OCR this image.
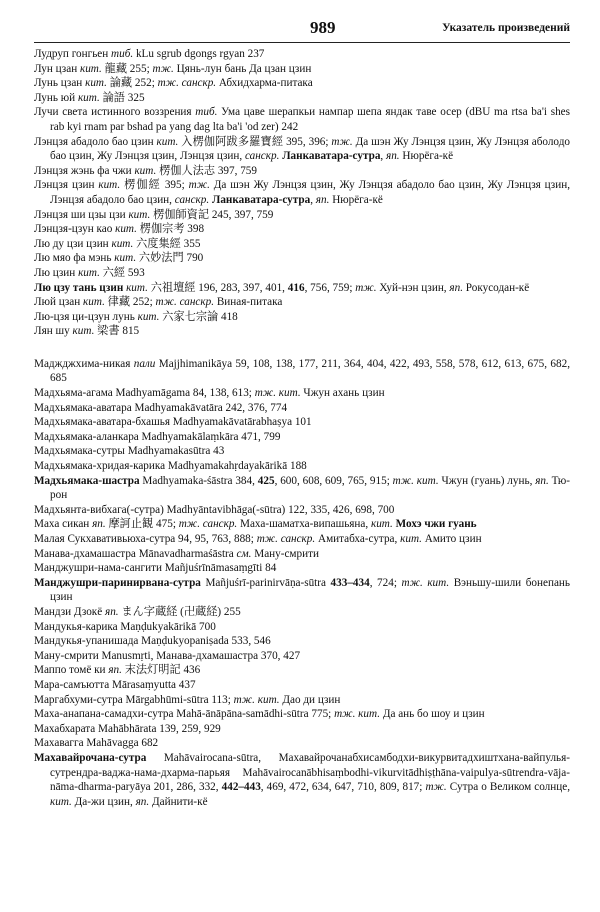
989	Указатель произведений
Лудруп гонгьен тиб. kLu sgrub dgongs rgyan 237
Лун цзан кит. 龍藏 255; тж. Цянь-лун бань Да цзан цзин
Лунь цзан кит. 論藏 252; тж. санскр. Абхидхарма-питака
Лунь юй кит. 論語 325
Лучи света истинного воззрения тиб. Ума цаве шерапкьи нампар шепа яндак таве осер (dBU ma rtsa ba'i shes rab kyi rnam par bshad pa yang dag lta ba'i 'od zer) 242
Лэнцзя абадоло бао цзин кит. 入楞伽阿跋多羅寶經 395, 396; тж. Да шэн Жу Лэнцзя цзин, Жу Лэнцзя аболодо бао цзин, Жу Лэнцзя цзин, Лэнцзя цзин, санскр. Ланкаватара-сутра, яп. Нюрёга-кё
Лэнцзя жэнь фа чжи кит. 楞伽人法志 397, 759
Лэнцзя цзин кит. 楞伽經 395; тж. Да шэн Жу Лэнцзя цзин, Жу Лэнцзя абадоло бао цзин, Жу Лэнцзя цзин, Лэнцзя абадоло бао цзин, санскр. Ланкаватара-сутра, яп. Нюрёга-кё
Лэнцзя ши цзы цзи кит. 楞伽師資記 245, 397, 759
Лэнцзя-цзун као кит. 楞伽宗考 398
Лю ду цзи цзин кит. 六度集經 355
Лю мяо фа мэнь кит. 六妙法門 790
Лю цзин кит. 六經 593
Лю цзу тань цзин кит. 六祖壇經 196, 283, 397, 401, 416, 756, 759; тж. Хуй-нэн цзин, яп. Рокусодан-кё
Люй цзан кит. 律藏 252; тж. санскр. Виная-питака
Лю-цзя ци-цзун лунь кит. 六家七宗論 418
Лян шу кит. 梁書 815
Маджджхима-никая пали Majjhimanikāya 59, 108, 138, 177, 211, 364, 404, 422, 493, 558, 578, 612, 613, 675, 682, 685
Мадхьямa-агама Madhyamāgama 84, 138, 613; тж. кит. Чжун ахань цзин
Мадхьямака-аватара Madhyamakāvatāra 242, 376, 774
Мадхьямака-аватара-бхашья Madhyamakāvatārabhaṣya 101
Мадхьямака-аланкара Madhyamakālaṃkāra 471, 799
Мадхьямака-сутры Madhyamakasūtra 43
Мадхьямака-хридая-карика Madhyamakahṛdayakārikā 188
Мадхьямака-шастра Madhyamaka-śāstra 384, 425, 600, 608, 609, 765, 915; тж. кит. Чжун (гуань) лунь, яп. Тю-рон
Мадхьянта-вибхага(-сутра) Madhyāntavibhāga(-sūtra) 122, 335, 426, 698, 700
Маха сикан яп. 摩訶止観 475; тж. санскр. Маха-шаматха-випашьяна, кит. Мохэ чжи гуань
Малая Сукхавативьюха-сутра 94, 95, 763, 888; тж. санскр. Амитабха-сутра, кит. Амито цзин
Манава-дхамашастра Mānavadharmaśāstra см. Ману-смрити
Манджушри-нама-сангити Mañjuśrīnāmasaṃgīti 84
Манджушри-паринирвана-сутра Mañjuśrī-parinirvāṇa-sūtra 433–434, 724; тж. кит. Вэньшу-шили бонепань цзин
Мандзи Дзокё яп. まん字蔵経 (卍蔵経) 255
Мандукья-карика Maṇḍukyakārikā 700
Мандукья-упанишада Maṇḍukyopaniṣada 533, 546
Ману-смрити Manusmṛti, Манава-дхамашастра 370, 427
Маппо томё ки яп. 末法灯明記 436
Мара-самъютта Mārasaṃyutta 437
Маргабхуми-сутра Mārgabhūmi-sūtra 113; тж. кит. Дао ди цзин
Маха-анапана-самадхи-сутра Mahā-ānāpāna-samādhi-sūtra 775; тж. кит. Да ань бо шоу и цзин
Махабхарата Mahābhārata 139, 259, 929
Махавагга Mahāvagga 682
Махавайрочана-сутра Mahāvairocana-sūtra, Махавайрочанабхисамбодхи-викурвитадхиштхана-вайпулья-сутрендра-ваджа-нама-дхарма-парьяя Mahāvairocanābhisaṃbodhi-vikurvitādhiṣṭhāna-vaipulya-sūtrendra-vāja-nāma-dharma-paryāya 201, 286, 332, 442–443, 469, 472, 634, 647, 710, 809, 817; тж. Сутра о Великом солнце, кит. Да-жи цзин, яп. Дайнити-кё
